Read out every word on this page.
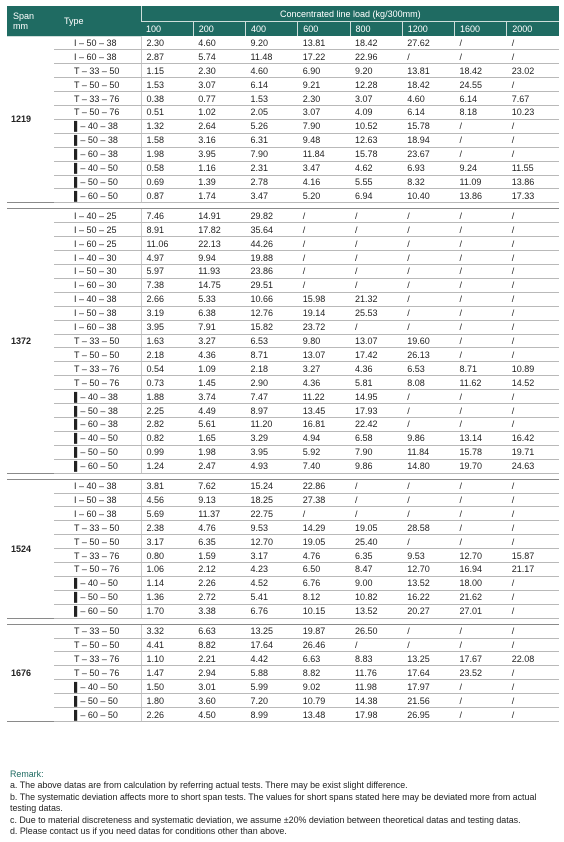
Span
mm	Type	Concentrated line load (kg/300mm)							
		100	200	400	600	800	1200	1600	2000
1219	I – 50 – 38	2.30	4.60	9.20	13.81	18.42	27.62	/	/
	I – 60 – 38	2.87	5.74	11.48	17.22	22.96	/	/	/
	T – 33 – 50	1.15	2.30	4.60	6.90	9.20	13.81	18.42	23.02
	T – 50 – 50	1.53	3.07	6.14	9.21	12.28	18.42	24.55	/
	T – 33 – 76	0.38	0.77	1.53	2.30	3.07	4.60	6.14	7.67
	T – 50 – 76	0.51	1.02	2.05	3.07	4.09	6.14	8.18	10.23
	▌– 40 – 38	1.32	2.64	5.26	7.90	10.52	15.78	/	/
	▌– 50 – 38	1.58	3.16	6.31	9.48	12.63	18.94	/	/
	▌– 60 – 38	1.98	3.95	7.90	11.84	15.78	23.67	/	/
	▌– 40 – 50	0.58	1.16	2.31	3.47	4.62	6.93	9.24	11.55
	▌– 50 – 50	0.69	1.39	2.78	4.16	5.55	8.32	11.09	13.86
	▌– 60 – 50	0.87	1.74	3.47	5.20	6.94	10.40	13.86	17.33

1372	I – 40 – 25	7.46	14.91	29.82	/	/	/	/	/
	I – 50 – 25	8.91	17.82	35.64	/	/	/	/	/
	I – 60 – 25	11.06	22.13	44.26	/	/	/	/	/
	I – 40 – 30	4.97	9.94	19.88	/	/	/	/	/
	I – 50 – 30	5.97	11.93	23.86	/	/	/	/	/
	I – 60 – 30	7.38	14.75	29.51	/	/	/	/	/
	I – 40 – 38	2.66	5.33	10.66	15.98	21.32	/	/	/
	I – 50 – 38	3.19	6.38	12.76	19.14	25.53	/	/	/
	I – 60 – 38	3.95	7.91	15.82	23.72	/	/	/	/
	T – 33 – 50	1.63	3.27	6.53	9.80	13.07	19.60	/	/
	T – 50 – 50	2.18	4.36	8.71	13.07	17.42	26.13	/	/
	T – 33 – 76	0.54	1.09	2.18	3.27	4.36	6.53	8.71	10.89
	T – 50 – 76	0.73	1.45	2.90	4.36	5.81	8.08	11.62	14.52
	▌– 40 – 38	1.88	3.74	7.47	11.22	14.95	/	/	/
	▌– 50 – 38	2.25	4.49	8.97	13.45	17.93	/	/	/
	▌– 60 – 38	2.82	5.61	11.20	16.81	22.42	/	/	/
	▌– 40 – 50	0.82	1.65	3.29	4.94	6.58	9.86	13.14	16.42
	▌– 50 – 50	0.99	1.98	3.95	5.92	7.90	11.84	15.78	19.71
	▌– 60 – 50	1.24	2.47	4.93	7.40	9.86	14.80	19.70	24.63

1524	I – 40 – 38	3.81	7.62	15.24	22.86	/	/	/	/
	I – 50 – 38	4.56	9.13	18.25	27.38	/	/	/	/
	I – 60 – 38	5.69	11.37	22.75	/	/	/	/	/
	T – 33 – 50	2.38	4.76	9.53	14.29	19.05	28.58	/	/
	T – 50 – 50	3.17	6.35	12.70	19.05	25.40	/	/	/
	T – 33 – 76	0.80	1.59	3.17	4.76	6.35	9.53	12.70	15.87
	T – 50 – 76	1.06	2.12	4.23	6.50	8.47	12.70	16.94	21.17
	▌– 40 – 50	1.14	2.26	4.52	6.76	9.00	13.52	18.00	/
	▌– 50 – 50	1.36	2.72	5.41	8.12	10.82	16.22	21.62	/
	▌– 60 – 50	1.70	3.38	6.76	10.15	13.52	20.27	27.01	/

1676	T – 33 – 50	3.32	6.63	13.25	19.87	26.50	/	/	/
	T – 50 – 50	4.41	8.82	17.64	26.46	/	/	/	/
	T – 33 – 76	1.10	2.21	4.42	6.63	8.83	13.25	17.67	22.08
	T – 50 – 76	1.47	2.94	5.88	8.82	11.76	17.64	23.52	/
	▌– 40 – 50	1.50	3.01	5.99	9.02	11.98	17.97	/	/
	▌– 50 – 50	1.80	3.60	7.20	10.79	14.38	21.56	/	/
	▌– 60 – 50	2.26	4.50	8.99	13.48	17.98	26.95	/	/

Remark:

a. The above datas are from calculation by referring actual tests. There may be exist slight difference.

b. The systematic deviation affects more to short span tests. The values for short spans stated here may be deviated more from actual testing datas.

c. Due to material discreteness and systematic deviation, we assume ±20% deviation between theoretical datas and testing datas.

d. Please contact us if you need datas for conditions other than above.
